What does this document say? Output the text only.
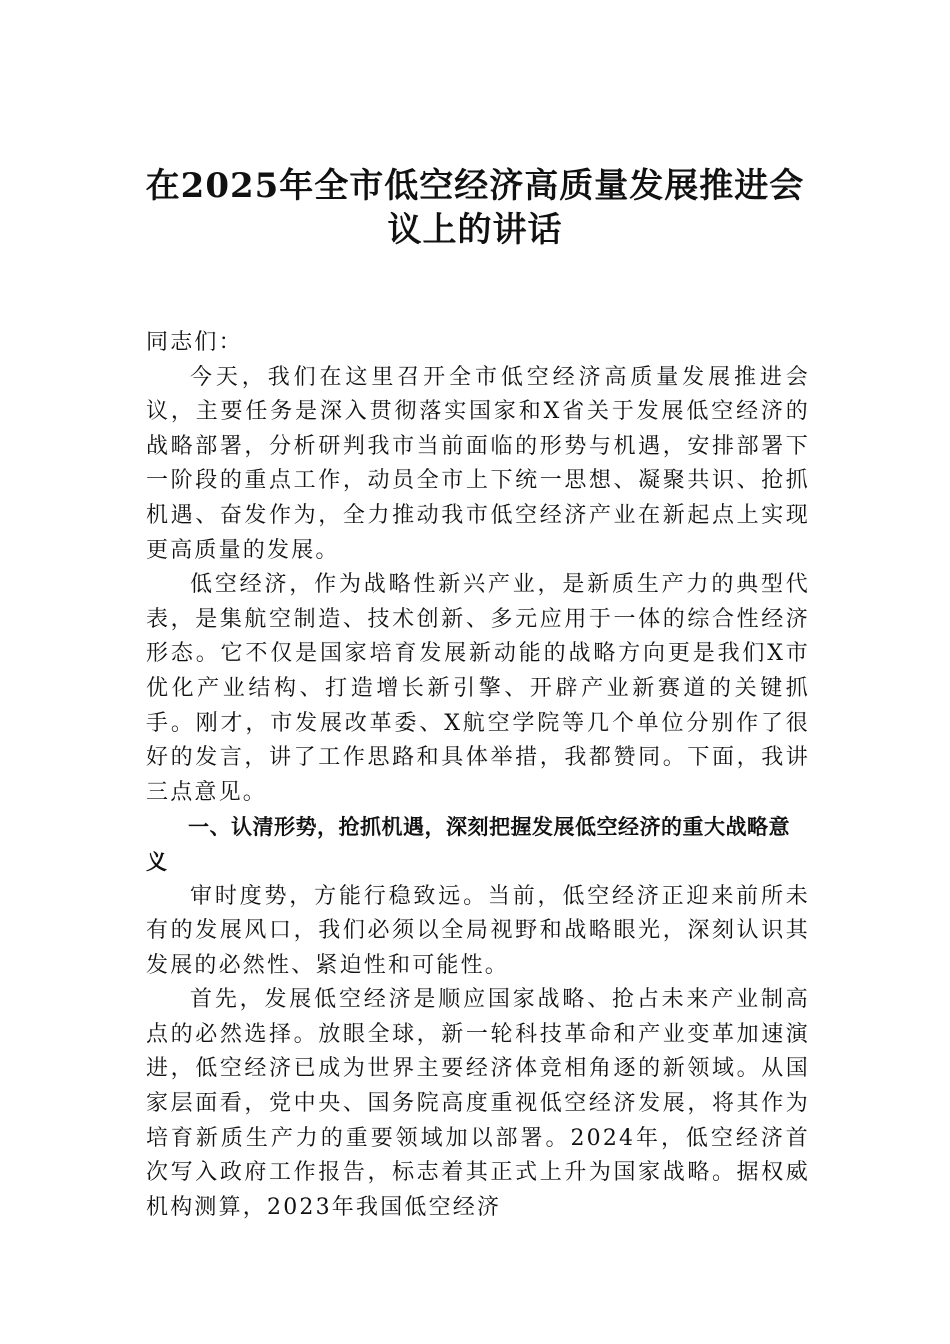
在2025年全市低空经济高质量发展推进会
议上的讲话

同志们：

今天，我们在这里召开全市低空经济高质量发展推进会议，主要任务是深入贯彻落实国家和X省关于发展低空经济的战略部署，分析研判我市当前面临的形势与机遇，安排部署下一阶段的重点工作，动员全市上下统一思想、凝聚共识、抢抓机遇、奋发作为，全力推动我市低空经济产业在新起点上实现更高质量的发展。

低空经济，作为战略性新兴产业，是新质生产力的典型代表，是集航空制造、技术创新、多元应用于一体的综合性经济形态。它不仅是国家培育发展新动能的战略方向更是我们X市优化产业结构、打造增长新引擎、开辟产业新赛道的关键抓手。刚才，市发展改革委、X航空学院等几个单位分别作了很好的发言，讲了工作思路和具体举措，我都赞同。下面，我讲三点意见。

一、认清形势，抢抓机遇，深刻把握发展低空经济的重大战略意义

审时度势，方能行稳致远。当前，低空经济正迎来前所未有的发展风口，我们必须以全局视野和战略眼光，深刻认识其发展的必然性、紧迫性和可能性。

首先，发展低空经济是顺应国家战略、抢占未来产业制高点的必然选择。放眼全球，新一轮科技革命和产业变革加速演进，低空经济已成为世界主要经济体竞相角逐的新领域。从国家层面看，党中央、国务院高度重视低空经济发展，将其作为培育新质生产力的重要领域加以部署。2024年，低空经济首次写入政府工作报告，标志着其正式上升为国家战略。据权威机构测算，2023年我国低空经济
